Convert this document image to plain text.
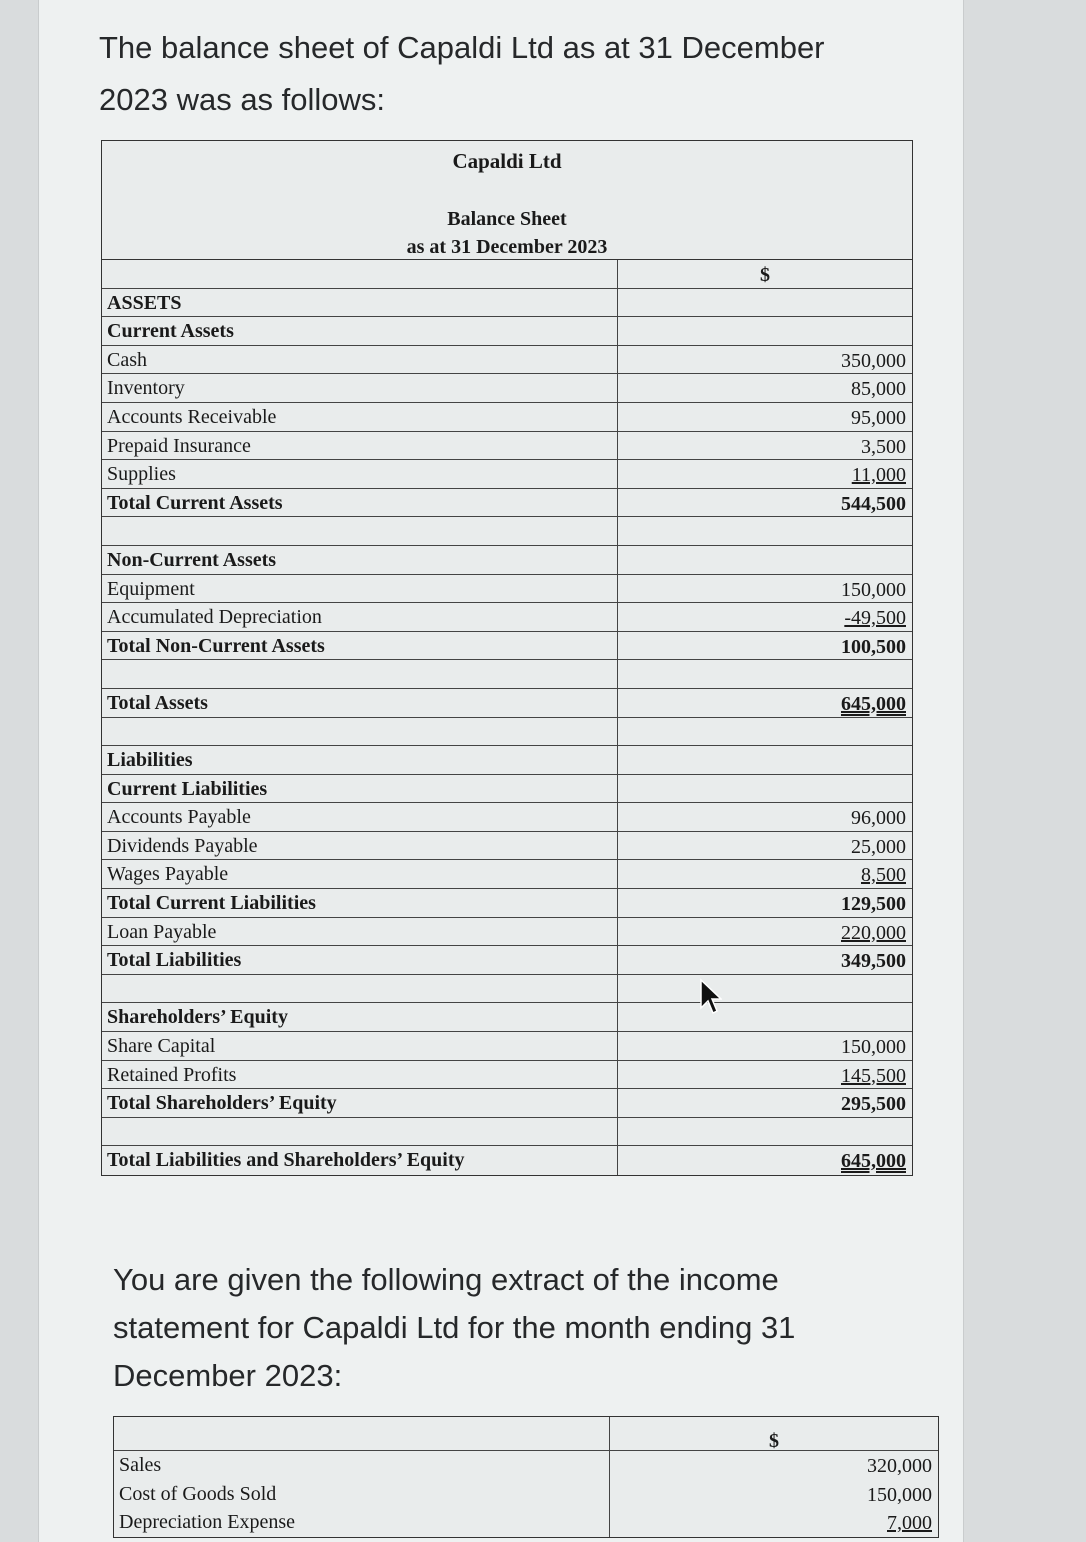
The balance sheet of Capaldi Ltd as at 31 December 2023 was as follows:
Capaldi Ltd
Balance Sheet
as at 31 December 2023
$
ASSETS
Current Assets
Cash	350,000
Inventory	85,000
Accounts Receivable	95,000
Prepaid Insurance	3,500
Supplies	11,000
Total Current Assets	544,500
Non-Current Assets
Equipment	150,000
Accumulated Depreciation	-49,500
Total Non-Current Assets	100,500
Total Assets	645,000
Liabilities
Current Liabilities
Accounts Payable	96,000
Dividends Payable	25,000
Wages Payable	8,500
Total Current Liabilities	129,500
Loan Payable	220,000
Total Liabilities	349,500
Shareholders’ Equity
Share Capital	150,000
Retained Profits	145,500
Total Shareholders’ Equity	295,500
Total Liabilities and Shareholders’ Equity	645,000
You are given the following extract of the income statement for Capaldi Ltd for the month ending 31 December 2023:
$
Sales	320,000
Cost of Goods Sold	150,000
Depreciation Expense	7,000
